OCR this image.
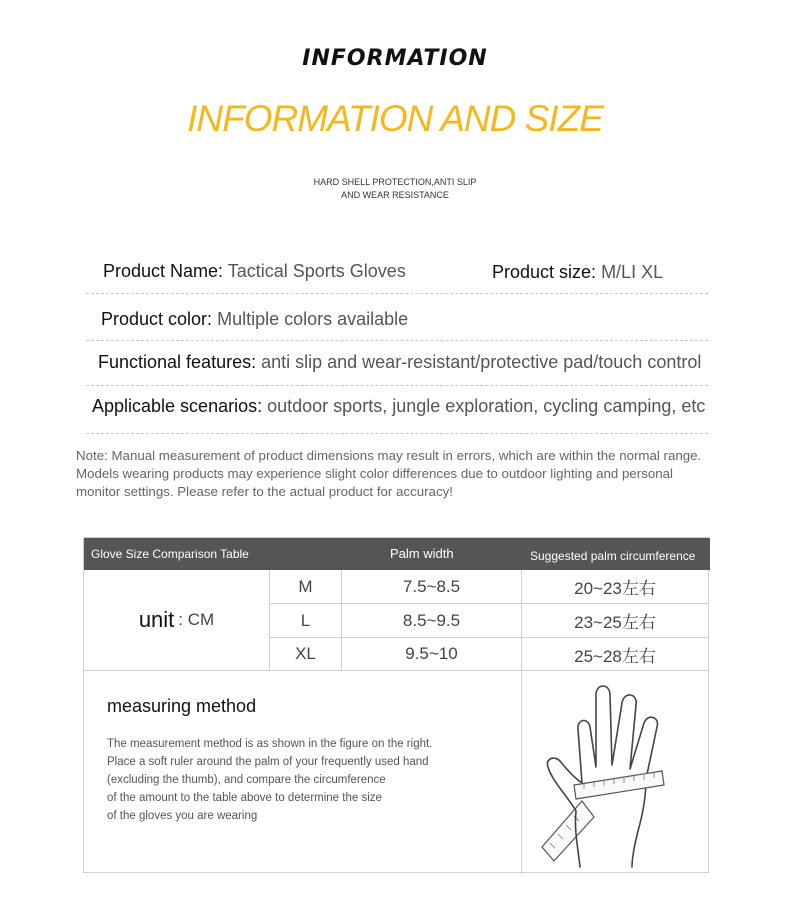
INFORMATION
INFORMATION AND SIZE
HARD SHELL PROTECTION,ANTI SLIP
AND WEAR RESISTANCE
Product Name: Tactical Sports Gloves	Product size: M/LI XL
Product color: Multiple colors available
Functional features: anti slip and wear-resistant/protective pad/touch control
Applicable scenarios: outdoor sports, jungle exploration, cycling camping, etc
Note: Manual measurement of product dimensions may result in errors, which are within the normal range.
Models wearing products may experience slight color differences due to outdoor lighting and personal
monitor settings. Please refer to the actual product for accuracy!
Glove Size Comparison Table	Palm width	Suggested palm circumference
unit : CM
M	7.5~8.5	20~23左右
L	8.5~9.5	23~25左右
XL	9.5~10	25~28左右
measuring method
The measurement method is as shown in the figure on the right.
Place a soft ruler around the palm of your frequently used hand
(excluding the thumb), and compare the circumference
of the amount to the table above to determine the size
of the gloves you are wearing
